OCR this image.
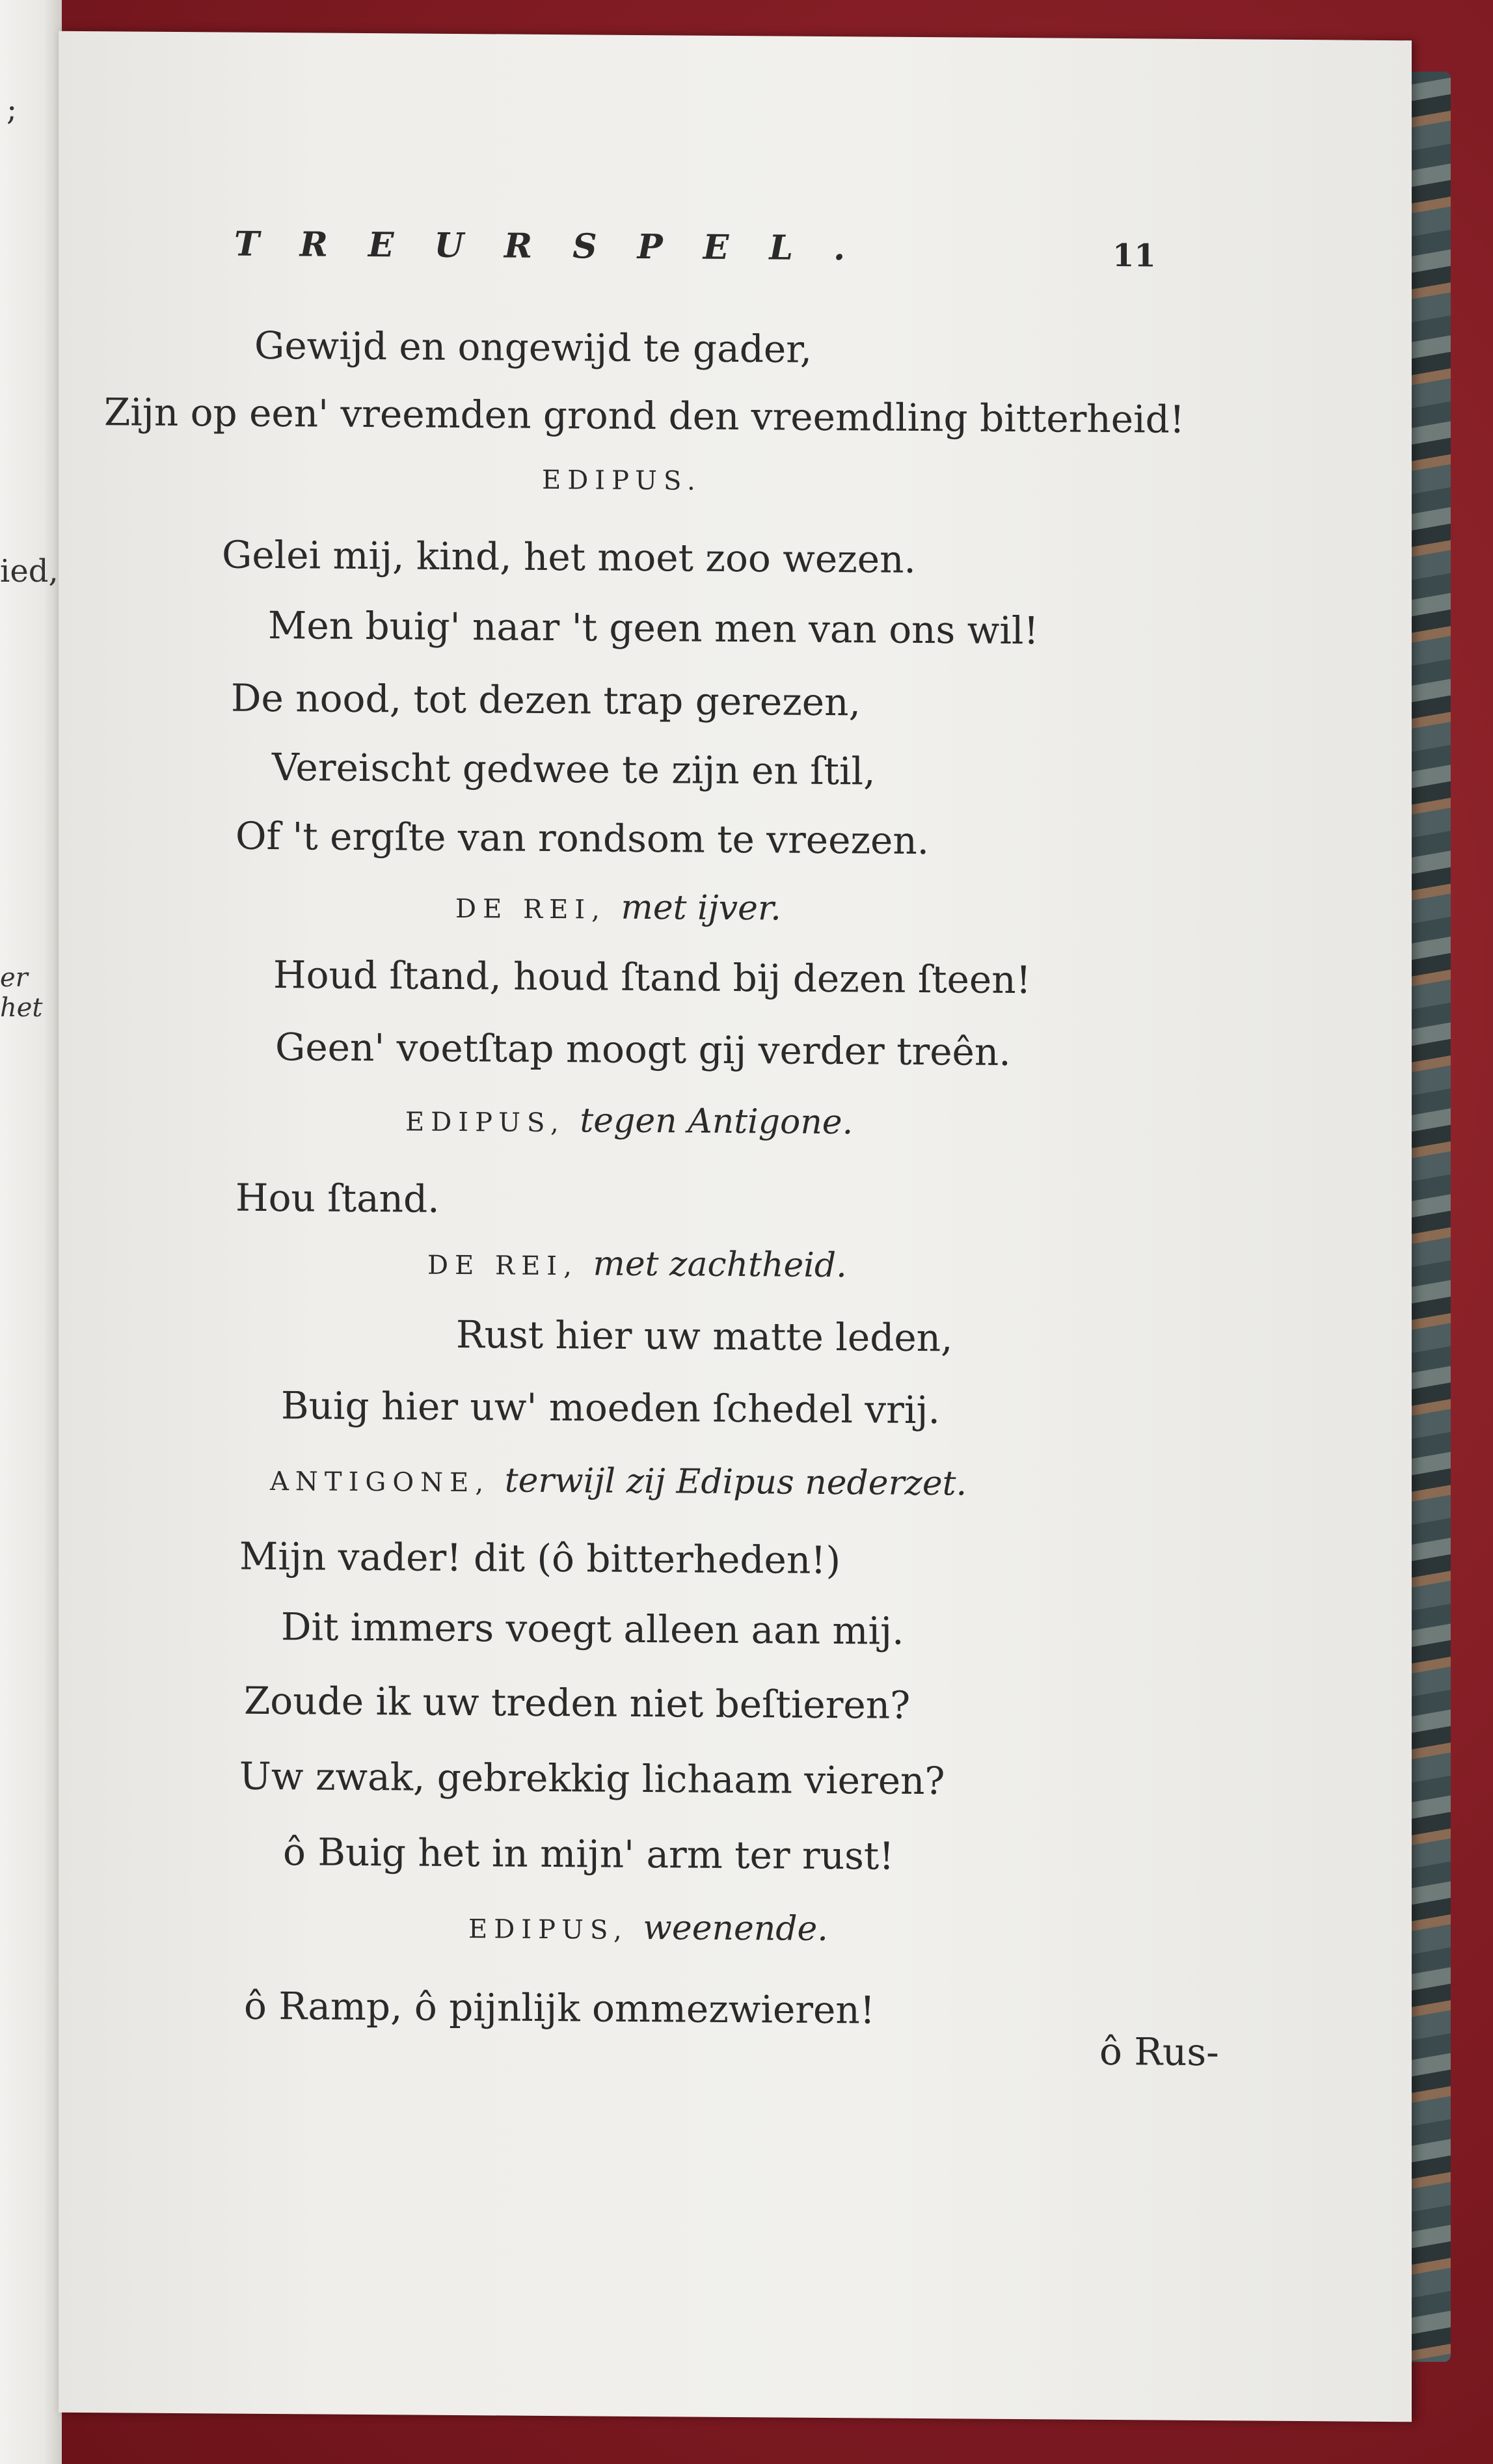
;
ied,
er het
TREURSPEL.	11
Gewijd en ongewijd te gader,
Zijn op een' vreemden grond den vreemdling bitterheid!
EDIPUS.
Gelei mij, kind, het moet zoo wezen.
Men buig' naar 't geen men van ons wil!
De nood, tot dezen trap gerezen,
Vereischt gedwee te zijn en ſtil,
Of 't ergſte van rondsom te vreezen.
DE REI, met ijver.
Houd ſtand, houd ſtand bij dezen ſteen!
Geen' voetſtap moogt gij verder treên.
EDIPUS, tegen Antigone.
Hou ſtand.
DE REI, met zachtheid.
Rust hier uw matte leden,
Buig hier uw' moeden ſchedel vrij.
ANTIGONE, terwijl zij Edipus nederzet.
Mijn vader! dit (ô bitterheden!)
Dit immers voegt alleen aan mij.
Zoude ik uw treden niet beſtieren?
Uw zwak, gebrekkig lichaam vieren?
ô Buig het in mijn' arm ter rust!
EDIPUS, weenende.
ô Ramp, ô pijnlijk ommezwieren!
ô Rus-
